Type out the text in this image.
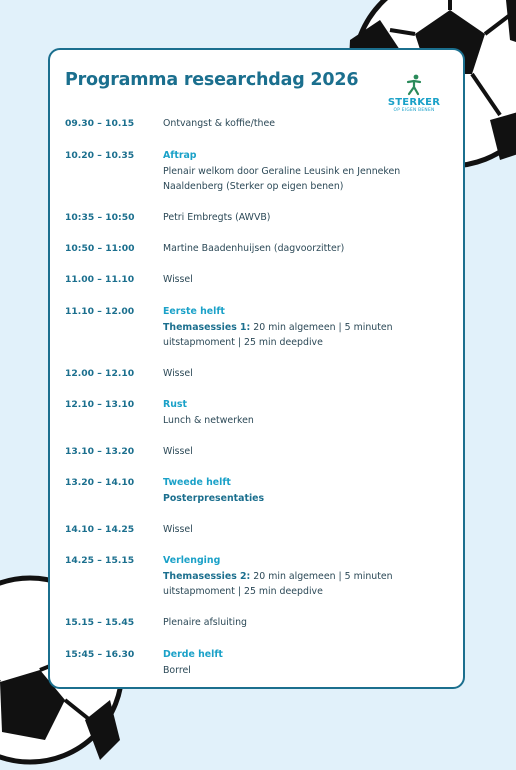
Programma researchdag 2026
STERKER
OP EIGEN BENEN
09.30 – 10.15	Ontvangst & koffie/thee
10.20 – 10.35	Aftrap
Plenair welkom door Geraline Leusink en Jenneken
Naaldenberg (Sterker op eigen benen)
10:35 – 10:50	Petri Embregts (AWVB)
10:50 – 11:00	Martine Baadenhuijsen (dagvoorzitter)
11.00 – 11.10	Wissel
11.10 – 12.00	Eerste helft
Themasessies 1: 20 min algemeen | 5 minuten
uitstapmoment | 25 min deepdive
12.00 – 12.10	Wissel
12.10 – 13.10	Rust
Lunch & netwerken
13.10 – 13.20	Wissel
13.20 – 14.10	Tweede helft
Posterpresentaties
14.10 – 14.25	Wissel
14.25 – 15.15	Verlenging
Themasessies 2: 20 min algemeen | 5 minuten
uitstapmoment | 25 min deepdive
15.15 – 15.45	Plenaire afsluiting
15:45 – 16.30	Derde helft
Borrel
